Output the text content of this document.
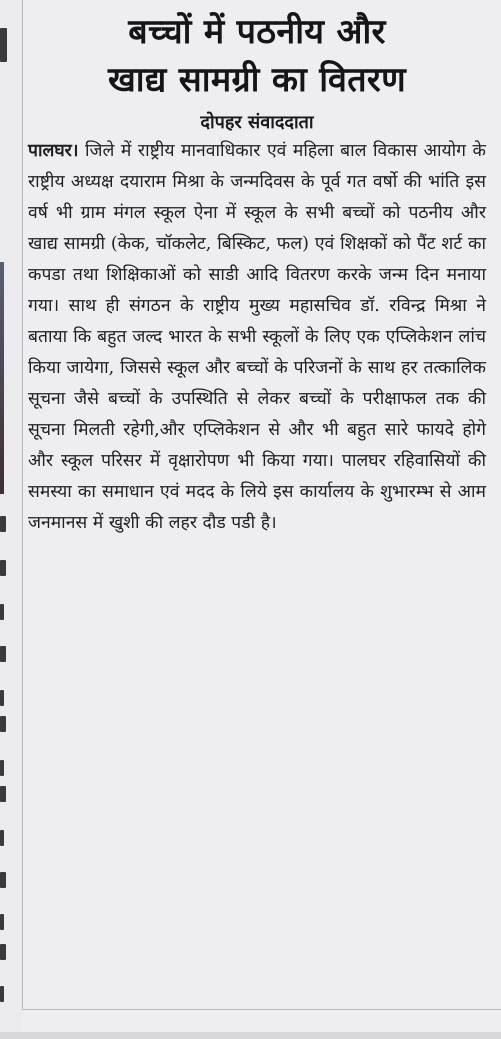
बच्चों में पठनीय और
खाद्य सामग्री का वितरण
दोपहर संवाददाता

पालघर। जिले में राष्ट्रीय मानवाधिकार एवं महिला बाल विकास आयोग के राष्ट्रीय अध्यक्ष दयाराम मिश्रा के जन्मदिवस के पूर्व गत वर्षो की भांति इस वर्ष भी ग्राम मंगल स्कूल ऐना में स्कूल के सभी बच्चों को पठनीय और खाद्य सामग्री (केक, चॉकलेट, बिस्किट, फल) एवं शिक्षकों को पैंट शर्ट का कपडा तथा शिक्षिकाओं को साडी आदि वितरण करके जन्म दिन मनाया गया। साथ ही संगठन के राष्ट्रीय मुख्य महासचिव डॉ. रविन्द्र मिश्रा ने बताया कि बहुत जल्द भारत के सभी स्कूलों के लिए एक एप्लिकेशन लांच किया जायेगा, जिससे स्कूल और बच्चों के परिजनों के साथ हर तत्कालिक सूचना जैसे बच्चों के उपस्थिति से लेकर बच्चों के परीक्षाफल तक की सूचना मिलती रहेगी,और एप्लिकेशन से और भी बहुत सारे फायदे होगे और स्कूल परिसर में वृक्षारोपण भी किया गया। पालघर रहिवासियों की समस्या का समाधान एवं मदद के लिये इस कार्यालय के शुभारम्भ से आम जनमानस में खुशी की लहर दौड पडी है।
